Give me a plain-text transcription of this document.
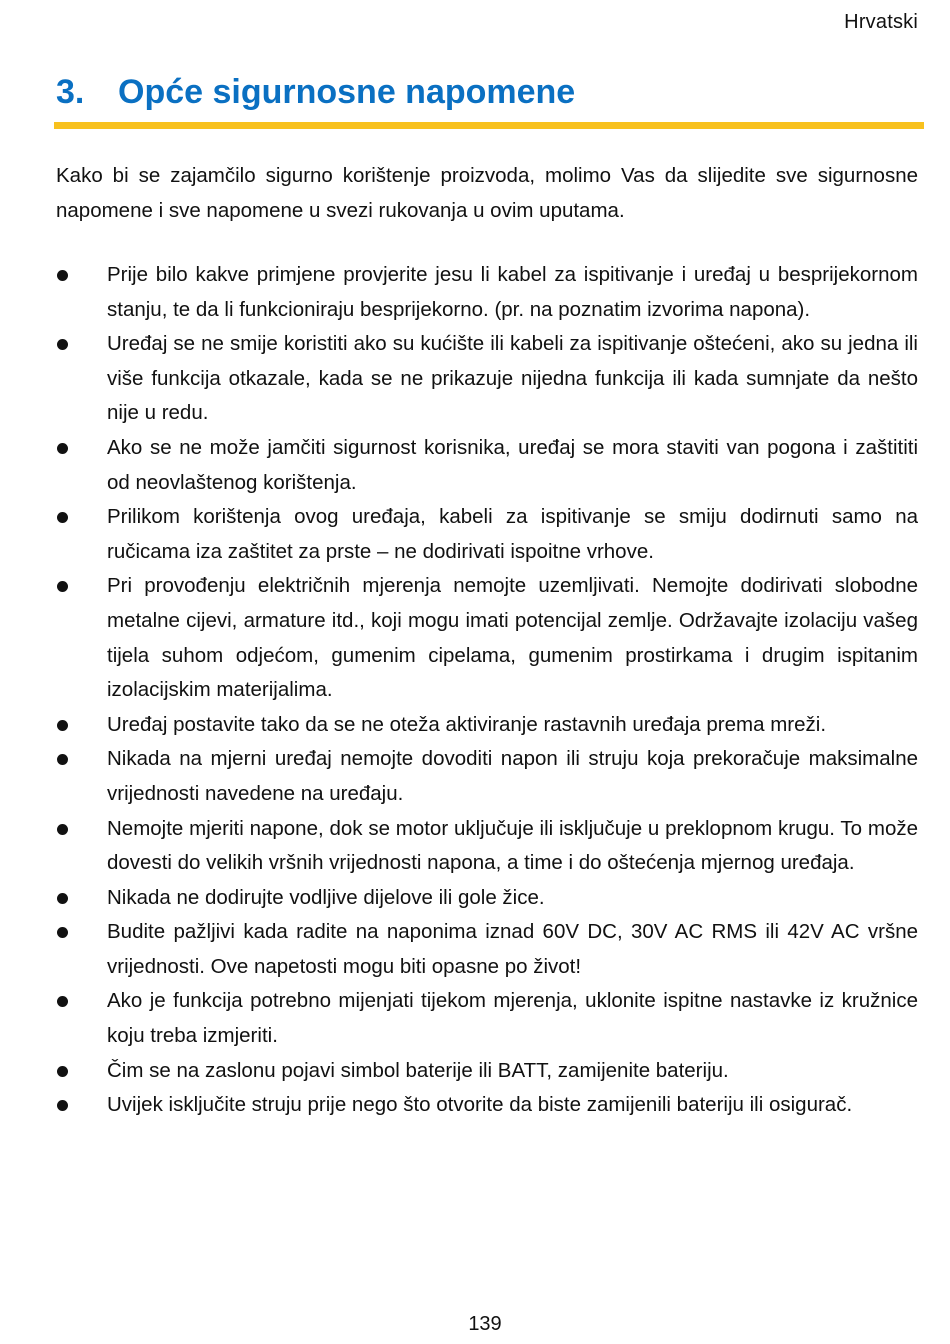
Hrvatski
3. Opće sigurnosne napomene

Kako bi se zajamčilo sigurno korištenje proizvoda, molimo Vas da slijedite sve sigurnosne napomene i sve napomene u svezi rukovanja u ovim uputama.

Prije bilo kakve primjene provjerite jesu li kabel za ispitivanje i uređaj u besprijekornom stanju, te da li funkcioniraju besprijekorno. (pr. na poznatim izvorima napona).
Uređaj se ne smije koristiti ako su kućište ili kabeli za ispitivanje oštećeni, ako su jedna ili više funkcija otkazale, kada se ne prikazuje nijedna funkcija ili kada sumnjate da nešto nije u redu.
Ako se ne može jamčiti sigurnost korisnika, uređaj se mora staviti van pogona i zaštititi od neovlaštenog korištenja.
Prilikom korištenja ovog uređaja, kabeli za ispitivanje se smiju dodirnuti samo na ručicama iza zaštitet za prste – ne dodirivati ispoitne vrhove.
Pri provođenju električnih mjerenja nemojte uzemljivati. Nemojte dodirivati slobodne metalne cijevi, armature itd., koji mogu imati potencijal zemlje. Održavajte izolaciju vašeg tijela suhom odjećom, gumenim cipelama, gumenim prostirkama i drugim ispitanim izolacijskim materijalima.
Uređaj postavite tako da se ne oteža aktiviranje rastavnih uređaja prema mreži.
Nikada na mjerni uređaj nemojte dovoditi napon ili struju koja prekoračuje maksimalne vrijednosti navedene na uređaju.
Nemojte mjeriti napone, dok se motor uključuje ili isključuje u preklopnom krugu. To može dovesti do velikih vršnih vrijednosti napona, a time i do oštećenja mjernog uređaja.
Nikada ne dodirujte vodljive dijelove ili gole žice.
Budite pažljivi kada radite na naponima iznad 60V DC, 30V AC RMS ili 42V AC vršne vrijednosti. Ove napetosti mogu biti opasne po život!
Ako je funkcija potrebno mijenjati tijekom mjerenja, uklonite ispitne nastavke iz kružnice koju treba izmjeriti.
Čim se na zaslonu pojavi simbol baterije ili BATT, zamijenite bateriju.
Uvijek isključite struju prije nego što otvorite da biste zamijenili bateriju ili osigurač.
139
